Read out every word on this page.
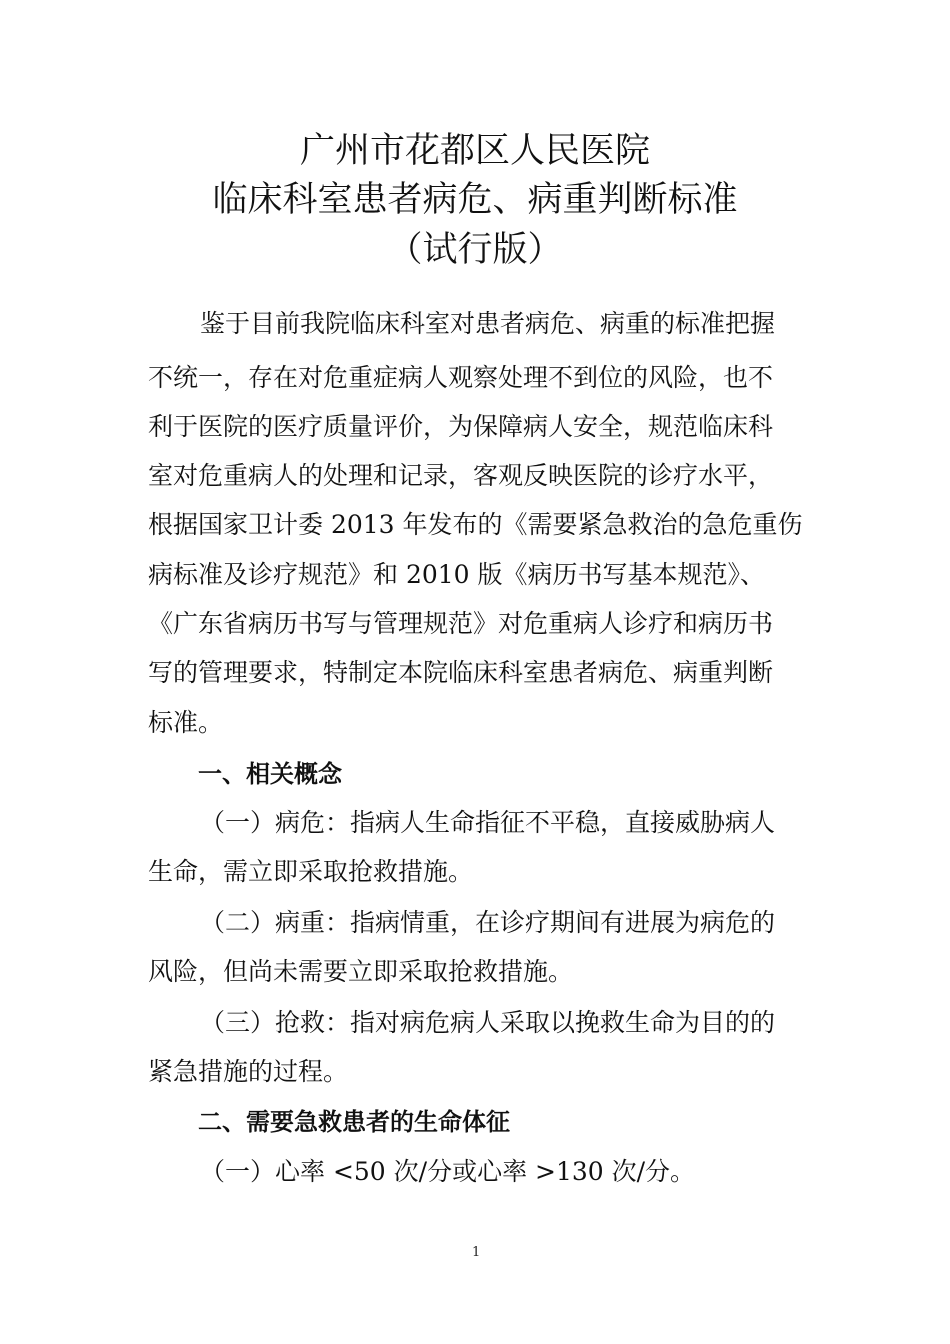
广州市花都区人民医院
临床科室患者病危、病重判断标准
（试行版）
鉴于目前我院临床科室对患者病危、病重的标准把握
不统一，存在对危重症病人观察处理不到位的风险，也不
利于医院的医疗质量评价，为保障病人安全，规范临床科
室对危重病人的处理和记录，客观反映医院的诊疗水平，
根据国家卫计委 2013 年发布的《需要紧急救治的急危重伤
病标准及诊疗规范》和 2010 版《病历书写基本规范》、
《广东省病历书写与管理规范》对危重病人诊疗和病历书
写的管理要求，特制定本院临床科室患者病危、病重判断
标准。
一、相关概念
（一）病危：指病人生命指征不平稳，直接威胁病人
生命，需立即采取抢救措施。
（二）病重：指病情重，在诊疗期间有进展为病危的
风险，但尚未需要立即采取抢救措施。
（三）抢救：指对病危病人采取以挽救生命为目的的
紧急措施的过程。
二、需要急救患者的生命体征
（一）心率 <50 次/分或心率 >130 次/分。
1
